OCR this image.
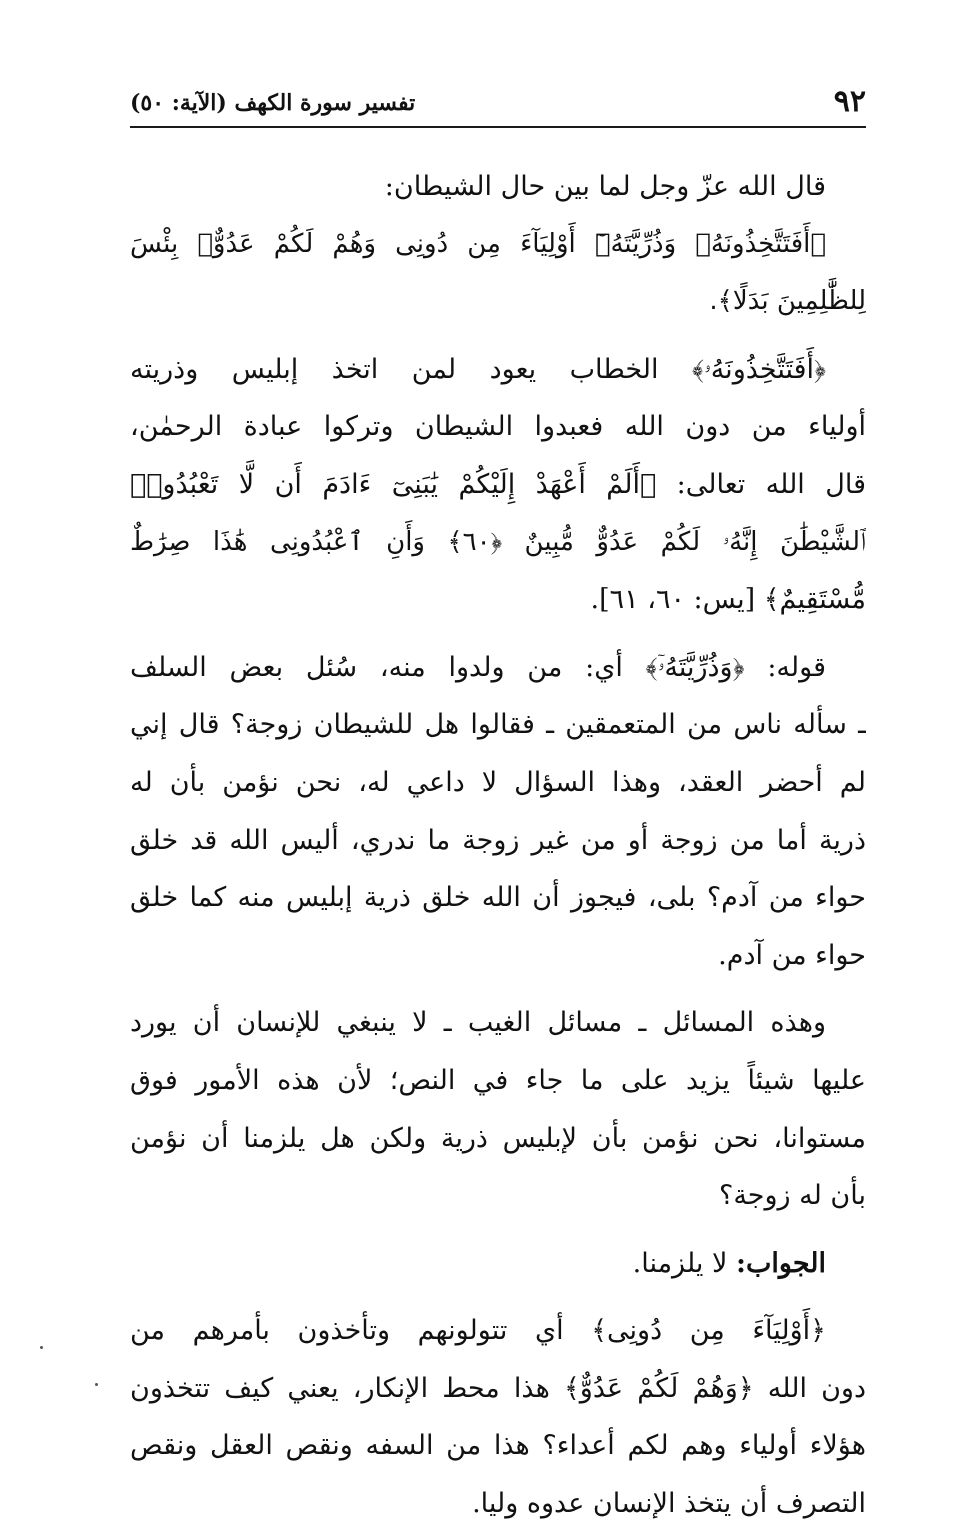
٩٢
تفسير سورة الكهف (الآية: ٥٠)
قال الله عزّ وجل لما بين حال الشيطان:
﴿أَفَتَتَّخِذُونَهُۥ وَذُرِّيَّتَهُۥٓ أَوْلِيَآءَ مِن دُونِى وَهُمْ لَكُمْ عَدُوٌّۢ بِئْسَ
لِلظَّٰلِمِينَ بَدَلًا﴾.
﴿أَفَتَتَّخِذُونَهُۥ﴾ الخطاب يعود لمن اتخذ إبليس وذريته
أولياء من دون الله فعبدوا الشيطان وتركوا عبادة الرحمٰن،
قال الله تعالى: ﴿أَلَمْ أَعْهَدْ إِلَيْكُمْ يَٰبَنِىٓ ءَادَمَ أَن لَّا تَعْبُدُوا۟
ٱلشَّيْطَٰنَ إِنَّهُۥ لَكُمْ عَدُوٌّ مُّبِينٌ ﴿٦٠﴾ وَأَنِ ٱعْبُدُونِى هَٰذَا صِرَٰطٌ
مُّسْتَقِيمٌ﴾ [يس: ٦٠، ٦١].
قوله: ﴿وَذُرِّيَّتَهُۥٓ﴾ أي: من ولدوا منه، سُئل بعض السلف
ـ سأله ناس من المتعمقين ـ فقالوا هل للشيطان زوجة؟ قال إني
لم أحضر العقد، وهذا السؤال لا داعي له، نحن نؤمن بأن له
ذرية أما من زوجة أو من غير زوجة ما ندري، أليس الله قد خلق
حواء من آدم؟ بلى، فيجوز أن الله خلق ذرية إبليس منه كما خلق
حواء من آدم.
وهذه المسائل ـ مسائل الغيب ـ لا ينبغي للإنسان أن يورد
عليها شيئاً يزيد على ما جاء في النص؛ لأن هذه الأمور فوق
مستوانا، نحن نؤمن بأن لإبليس ذرية ولكن هل يلزمنا أن نؤمن
بأن له زوجة؟
الجواب: لا يلزمنا.
﴿أَوْلِيَآءَ مِن دُونِى﴾ أي تتولونهم وتأخذون بأمرهم من
دون الله ﴿وَهُمْ لَكُمْ عَدُوٌّ﴾ هذا محط الإنكار، يعني كيف تتخذون
هؤلاء أولياء وهم لكم أعداء؟ هذا من السفه ونقص العقل ونقص
التصرف أن يتخذ الإنسان عدوه وليا.
